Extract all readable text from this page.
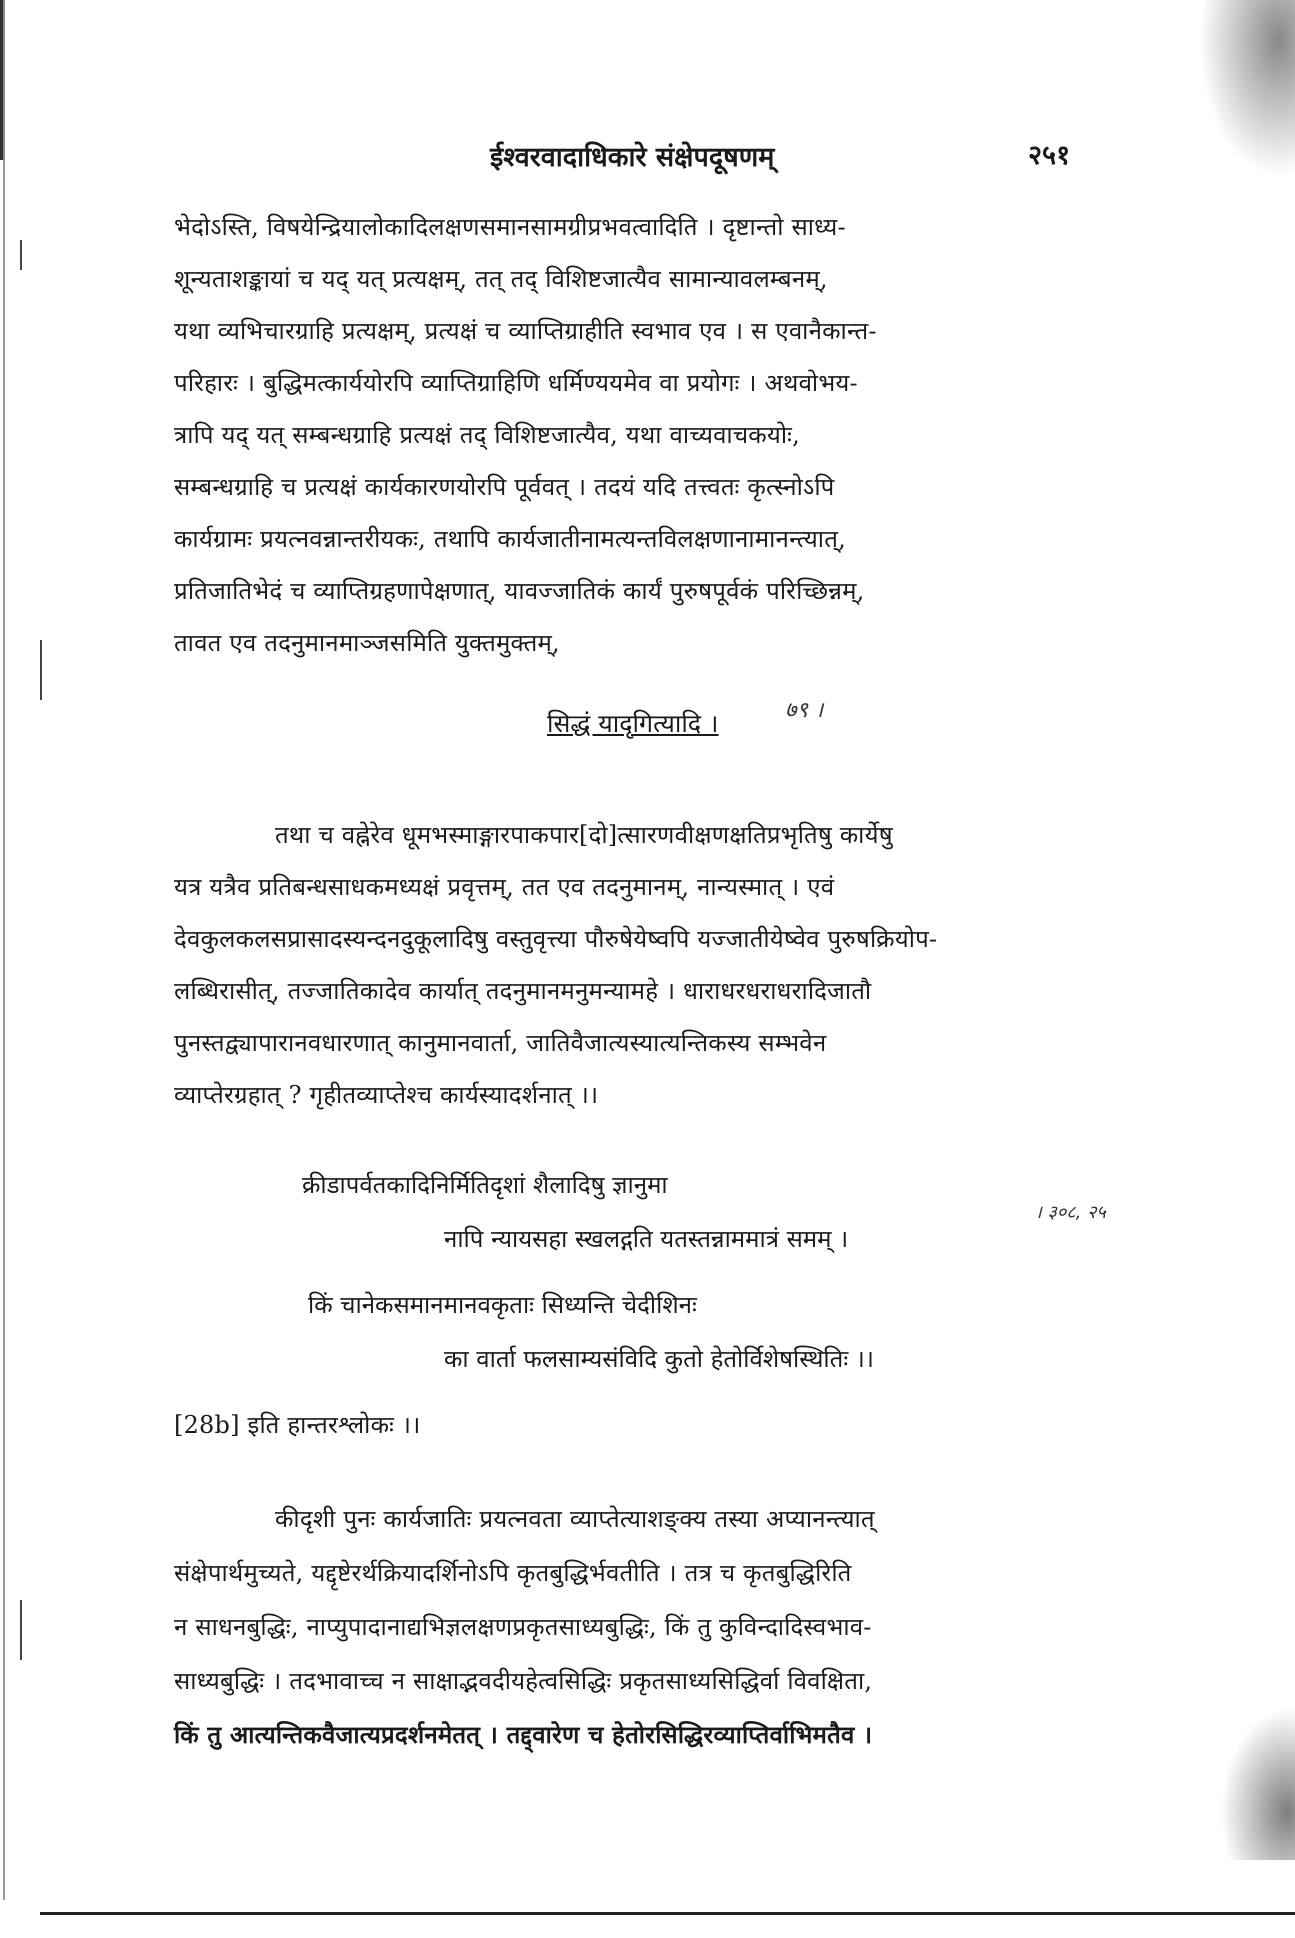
ईश्वरवादाधिकारे संक्षेपदूषणम्	२५१
भेदोऽस्ति, विषयेन्द्रियालोकादिलक्षणसमानसामग्रीप्रभवत्वादिति । दृष्टान्तो साध्य-
शून्यताशङ्कायां च यद् यत् प्रत्यक्षम्, तत् तद् विशिष्टजात्यैव सामान्यावलम्बनम्,
यथा व्यभिचारग्राहि प्रत्यक्षम्, प्रत्यक्षं च व्याप्तिग्राहीति स्वभाव एव । स एवानैकान्त-
परिहारः । बुद्धिमत्कार्ययोरपि व्याप्तिग्राहिणि धर्मिण्ययमेव वा प्रयोगः । अथवोभय-
त्रापि यद् यत् सम्बन्धग्राहि प्रत्यक्षं तद् विशिष्टजात्यैव, यथा वाच्यवाचकयोः,
सम्बन्धग्राहि च प्रत्यक्षं कार्यकारणयोरपि पूर्ववत् । तदयं यदि तत्त्वतः कृत्स्नोऽपि
कार्यग्रामः प्रयत्नवन्नान्तरीयकः, तथापि कार्यजातीनामत्यन्तविलक्षणानामानन्त्यात्,
प्रतिजातिभेदं च व्याप्तिग्रहणापेक्षणात्, यावज्जातिकं कार्यं पुरुषपूर्वकं परिच्छिन्नम्,
तावत एव तदनुमानमाञ्जसमिति युक्तमुक्तम्,
सिद्धं यादृगित्यादि ।	७९ ।
तथा च वह्नेरेव धूमभस्माङ्गारपाकपार[दो]त्सारणवीक्षणक्षतिप्रभृतिषु कार्येषु
यत्र यत्रैव प्रतिबन्धसाधकमध्यक्षं प्रवृत्तम्, तत एव तदनुमानम्, नान्यस्मात् । एवं
देवकुलकलसप्रासादस्यन्दनदुकूलादिषु वस्तुवृत्त्या पौरुषेयेष्वपि यज्जातीयेष्वेव पुरुषक्रियोप-
लब्धिरासीत्, तज्जातिकादेव कार्यात् तदनुमानमनुमन्यामहे । धाराधरधराधरादिजातौ
पुनस्तद्व्यापारानवधारणात् कानुमानवार्ता, जातिवैजात्यस्यात्यन्तिकस्य सम्भवेन
व्याप्तेरग्रहात् ? गृहीतव्याप्तेश्च कार्यस्यादर्शनात् ।।
क्रीडापर्वतकादिनिर्मितिदृशां शैलादिषु ज्ञानुमा
नापि न्यायसहा स्खलद्गति यतस्तन्नाममात्रं समम् ।
। ३०८, २५
किं चानेकसमानमानवकृताः सिध्यन्ति चेदीशिनः
का वार्ता फलसाम्यसंविदि कुतो हेतोर्विशेषस्थितिः ।।
[28b] इति हान्तरश्लोकः ।।
कीदृशी पुनः कार्यजातिः प्रयत्नवता व्याप्तेत्याशङ्क्य तस्या अप्यानन्त्यात्
संक्षेपार्थमुच्यते, यद्दृष्टेरर्थक्रियादर्शिनोऽपि कृतबुद्धिर्भवतीति । तत्र च कृतबुद्धिरिति
न साधनबुद्धिः, नाप्युपादानाद्यभिज्ञलक्षणप्रकृतसाध्यबुद्धिः, किं तु कुविन्दादिस्वभाव-
साध्यबुद्धिः । तदभावाच्च न साक्षाद्भवदीयहेत्वसिद्धिः प्रकृतसाध्यसिद्धिर्वा विवक्षिता,
किं तु आत्यन्तिकवैजात्यप्रदर्शनमेतत् । तद्द्वारेण च हेतोरसिद्धिरव्याप्तिर्वाभिमतैव ।
